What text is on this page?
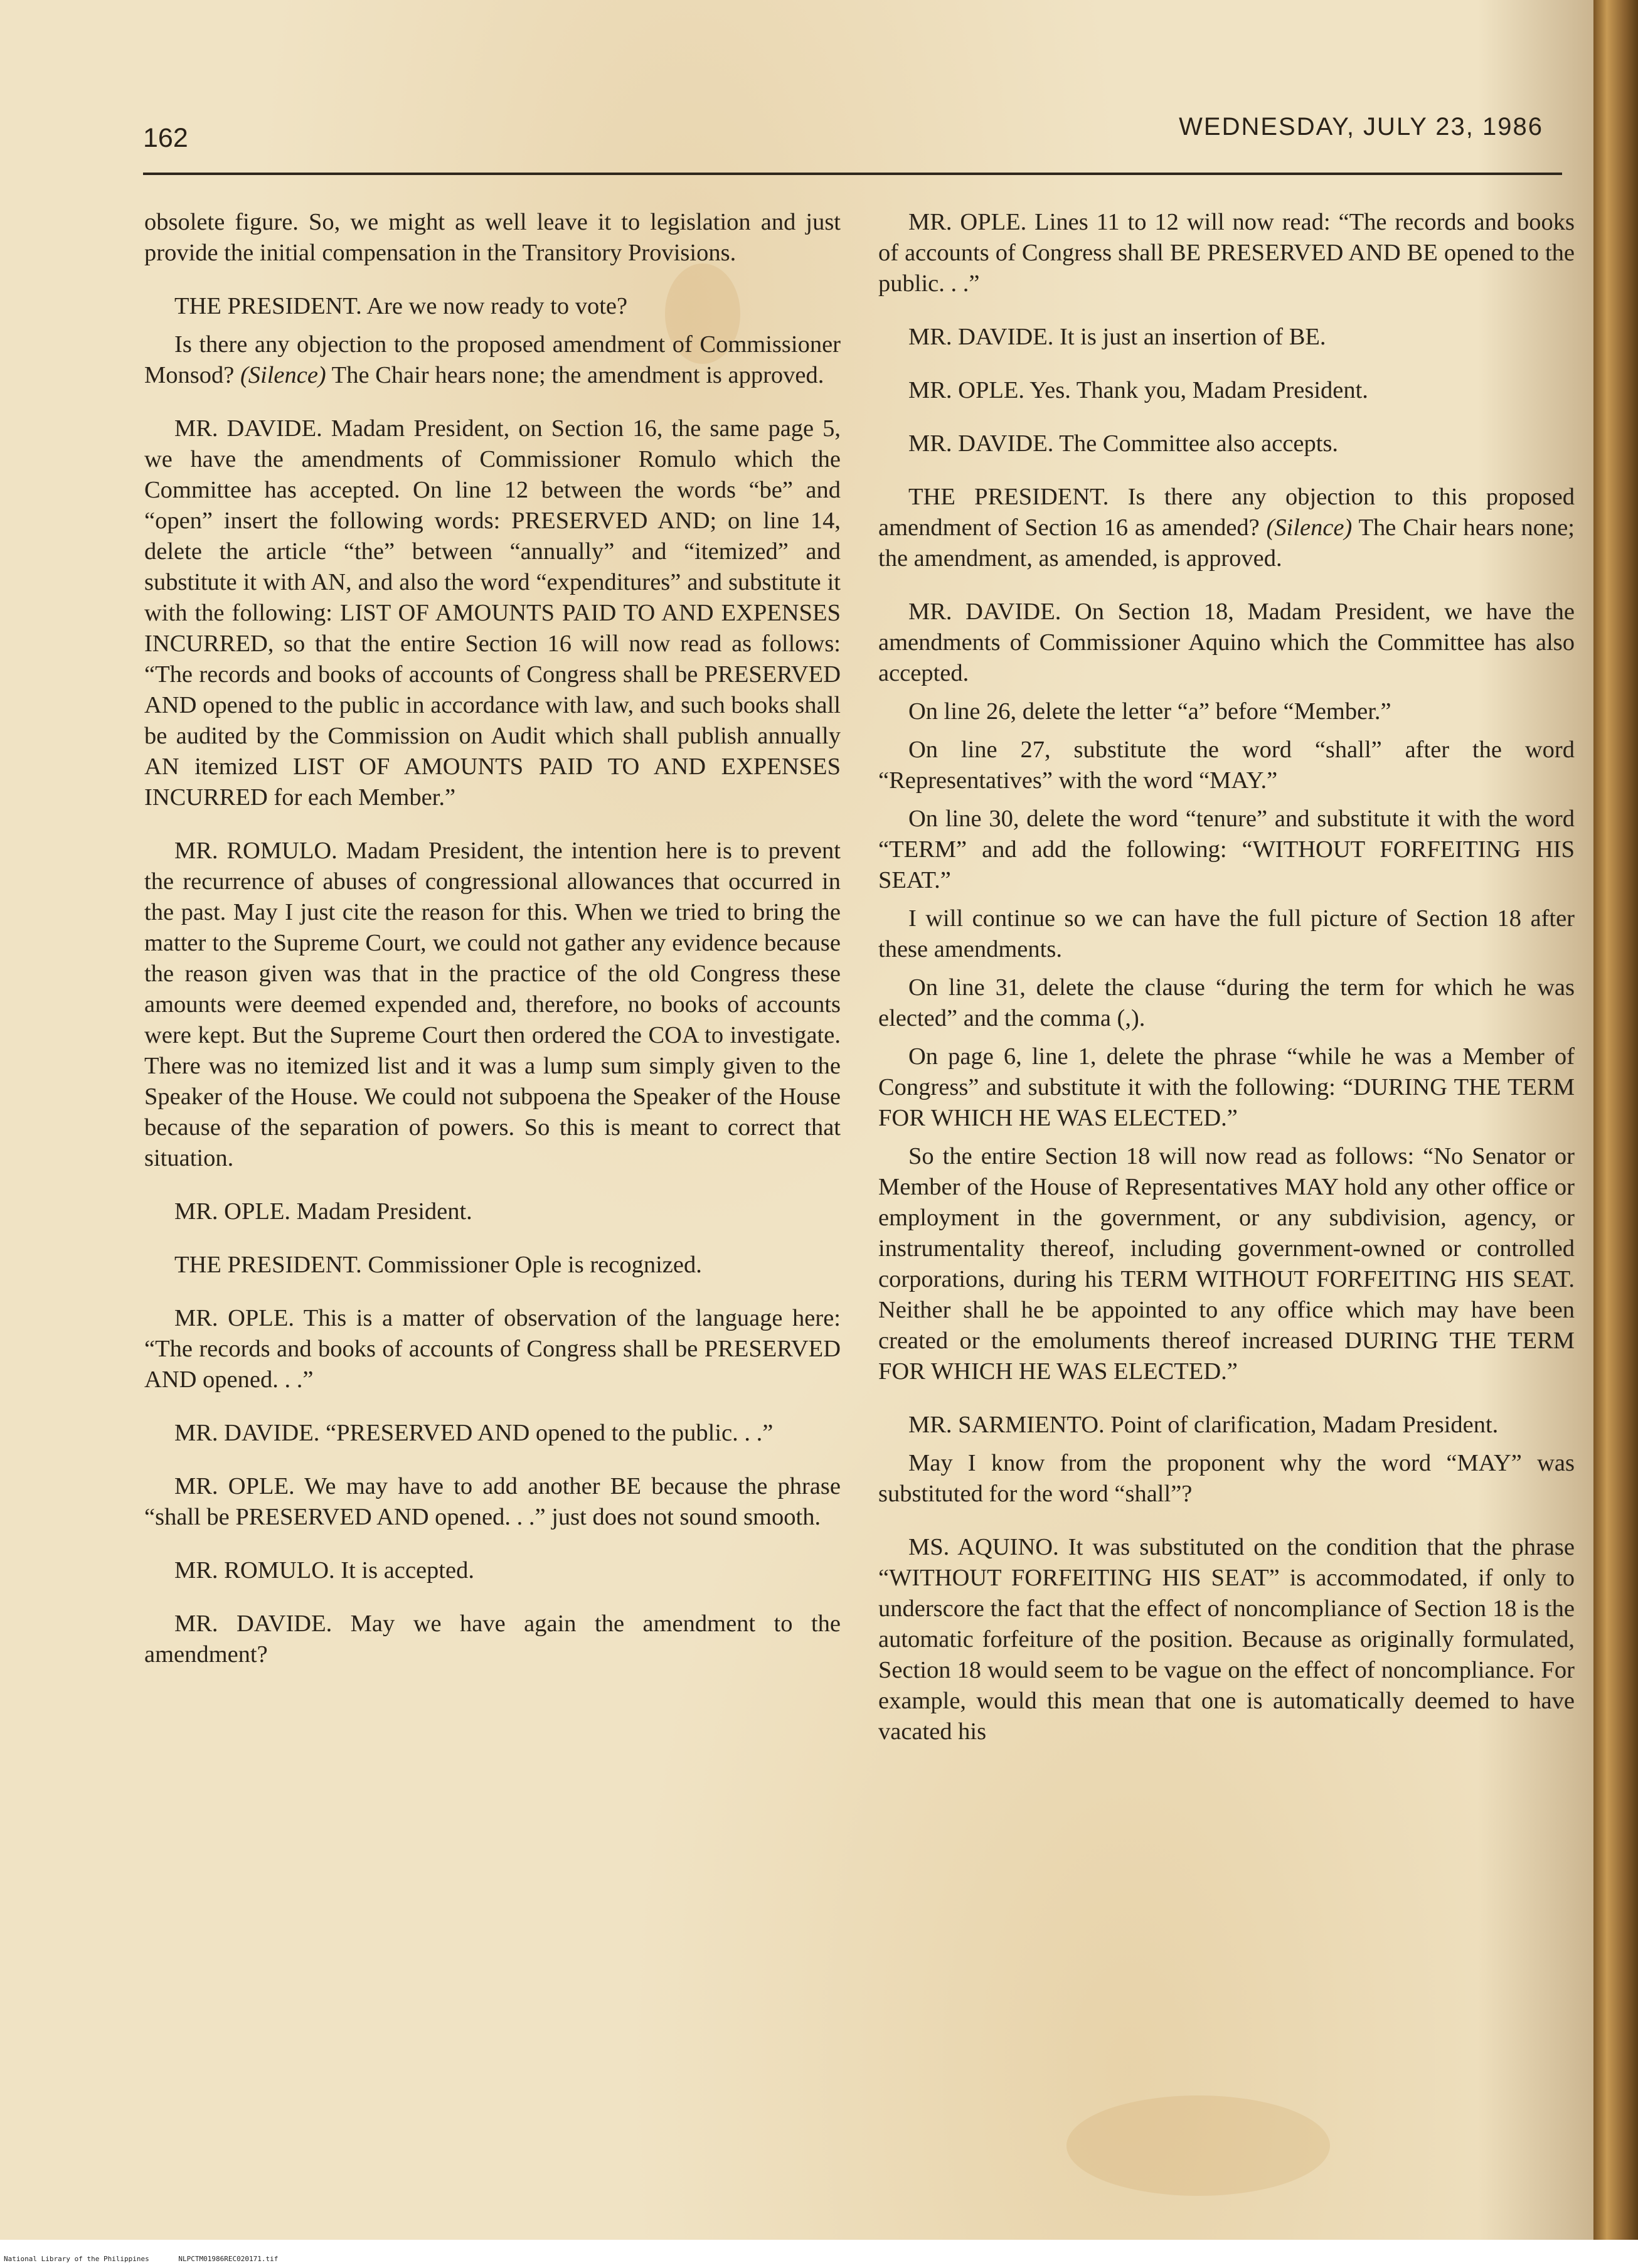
162	WEDNESDAY, JULY 23, 1986

obsolete figure. So, we might as well leave it to legislation and just provide the initial compensation in the Transitory Provisions.

THE PRESIDENT. Are we now ready to vote?

Is there any objection to the proposed amendment of Commissioner Monsod? (Silence) The Chair hears none; the amendment is approved.

MR. DAVIDE. Madam President, on Section 16, the same page 5, we have the amendments of Commissioner Romulo which the Committee has accepted. On line 12 between the words “be” and “open” insert the following words: PRESERVED AND; on line 14, delete the article “the” between “annually” and “itemized” and substitute it with AN, and also the word “expenditures” and substitute it with the following: LIST OF AMOUNTS PAID TO AND EXPENSES INCURRED, so that the entire Section 16 will now read as follows: “The records and books of accounts of Congress shall be PRESERVED AND opened to the public in accordance with law, and such books shall be audited by the Commission on Audit which shall publish annually AN itemized LIST OF AMOUNTS PAID TO AND EXPENSES INCURRED for each Member.”

MR. ROMULO. Madam President, the intention here is to prevent the recurrence of abuses of congressional allowances that occurred in the past. May I just cite the reason for this. When we tried to bring the matter to the Supreme Court, we could not gather any evidence because the reason given was that in the practice of the old Congress these amounts were deemed expended and, therefore, no books of accounts were kept. But the Supreme Court then ordered the COA to investigate. There was no itemized list and it was a lump sum simply given to the Speaker of the House. We could not subpoena the Speaker of the House because of the separation of powers. So this is meant to correct that situation.

MR. OPLE. Madam President.

THE PRESIDENT. Commissioner Ople is recognized.

MR. OPLE. This is a matter of observation of the language here: “The records and books of accounts of Congress shall be PRESERVED AND opened. . .”

MR. DAVIDE. “PRESERVED AND opened to the public. . .”

MR. OPLE. We may have to add another BE because the phrase “shall be PRESERVED AND opened. . .” just does not sound smooth.

MR. ROMULO. It is accepted.

MR. DAVIDE. May we have again the amendment to the amendment?

MR. OPLE. Lines 11 to 12 will now read: “The records and books of accounts of Congress shall BE PRESERVED AND BE opened to the public. . .”

MR. DAVIDE. It is just an insertion of BE.

MR. OPLE. Yes. Thank you, Madam President.

MR. DAVIDE. The Committee also accepts.

THE PRESIDENT. Is there any objection to this proposed amendment of Section 16 as amended? (Silence) The Chair hears none; the amendment, as amended, is approved.

MR. DAVIDE. On Section 18, Madam President, we have the amendments of Commissioner Aquino which the Committee has also accepted.

On line 26, delete the letter “a” before “Member.”

On line 27, substitute the word “shall” after the word “Representatives” with the word “MAY.”

On line 30, delete the word “tenure” and substitute it with the word “TERM” and add the following: “WITHOUT FORFEITING HIS SEAT.”

I will continue so we can have the full picture of Section 18 after these amendments.

On line 31, delete the clause “during the term for which he was elected” and the comma (,).

On page 6, line 1, delete the phrase “while he was a Member of Congress” and substitute it with the following: “DURING THE TERM FOR WHICH HE WAS ELECTED.”

So the entire Section 18 will now read as follows: “No Senator or Member of the House of Representatives MAY hold any other office or employment in the government, or any subdivision, agency, or instrumentality thereof, including government-owned or controlled corporations, during his TERM WITHOUT FORFEITING HIS SEAT. Neither shall he be appointed to any office which may have been created or the emoluments thereof increased DURING THE TERM FOR WHICH HE WAS ELECTED.”

MR. SARMIENTO. Point of clarification, Madam President.

May I know from the proponent why the word “MAY” was substituted for the word “shall”?

MS. AQUINO. It was substituted on the condition that the phrase “WITHOUT FORFEITING HIS SEAT” is accommodated, if only to underscore the fact that the effect of noncompliance of Section 18 is the automatic forfeiture of the position. Because as originally formulated, Section 18 would seem to be vague on the effect of noncompliance. For example, would this mean that one is automatically deemed to have vacated his

National Library of the Philippines	NLPCTM01986REC020171.tif
